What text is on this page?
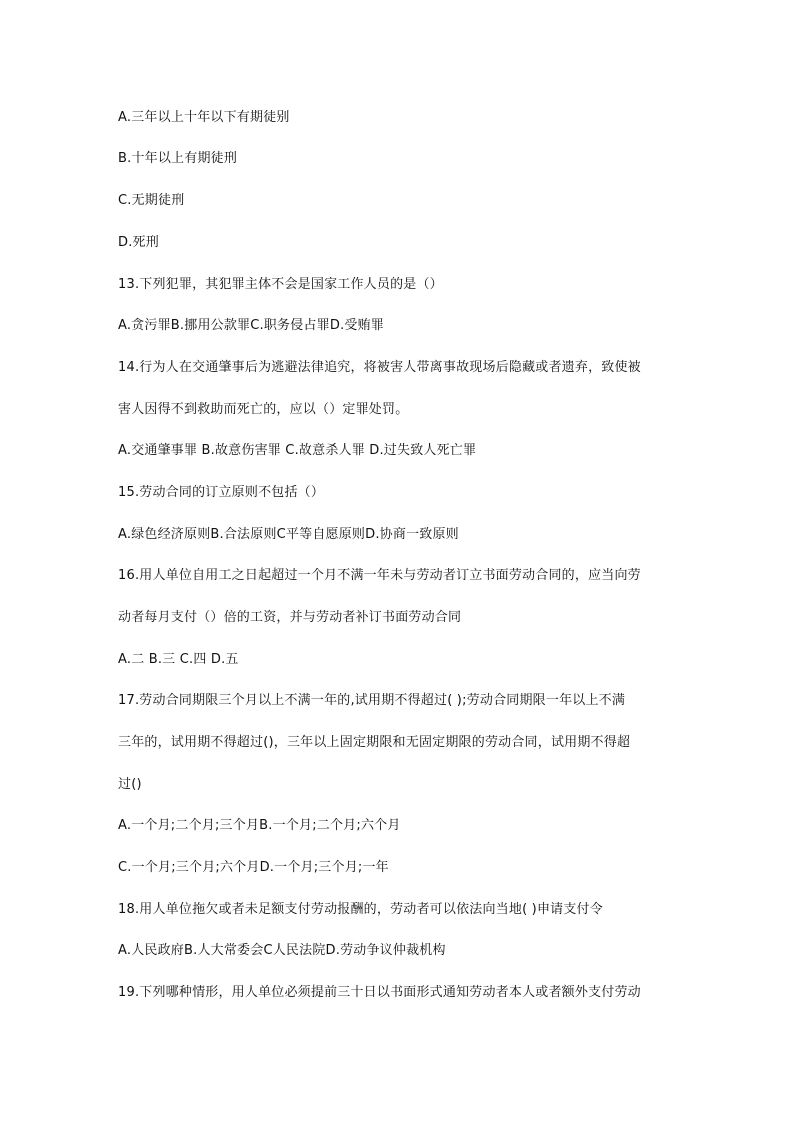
A.三年以上十年以下有期徒别
B.十年以上有期徒刑
C.无期徒刑
D.死刑
13.下列犯罪，其犯罪主体不会是国家工作人员的是（）
A.贪污罪B.挪用公款罪C.职务侵占罪D.受贿罪
14.行为人在交通肇事后为逃避法律追究，将被害人带离事故现场后隐藏或者遗弃，致使被
害人因得不到救助而死亡的，应以（）定罪处罚。
A.交通肇事罪 B.故意伤害罪 C.故意杀人罪 D.过失致人死亡罪
15.劳动合同的订立原则不包括（）
A.绿色经济原则B.合法原则C平等自愿原则D.协商一致原则
16.用人单位自用工之日起超过一个月不满一年未与劳动者订立书面劳动合同的，应当向劳
动者每月支付（）倍的工资，并与劳动者补订书面劳动合同
A.二 B.三 C.四 D.五
17.劳动合同期限三个月以上不满一年的,试用期不得超过( );劳动合同期限一年以上不满
三年的，试用期不得超过()，三年以上固定期限和无固定期限的劳动合同，试用期不得超
过()
A.一个月;二个月;三个月B.一个月;二个月;六个月
C.一个月;三个月;六个月D.一个月;三个月;一年
18.用人单位拖欠或者未足额支付劳动报酬的，劳动者可以依法向当地( )申请支付令
A.人民政府B.人大常委会C人民法院D.劳动争议仲裁机构
19.下列哪种情形，用人单位必须提前三十日以书面形式通知劳动者本人或者额外支付劳动
